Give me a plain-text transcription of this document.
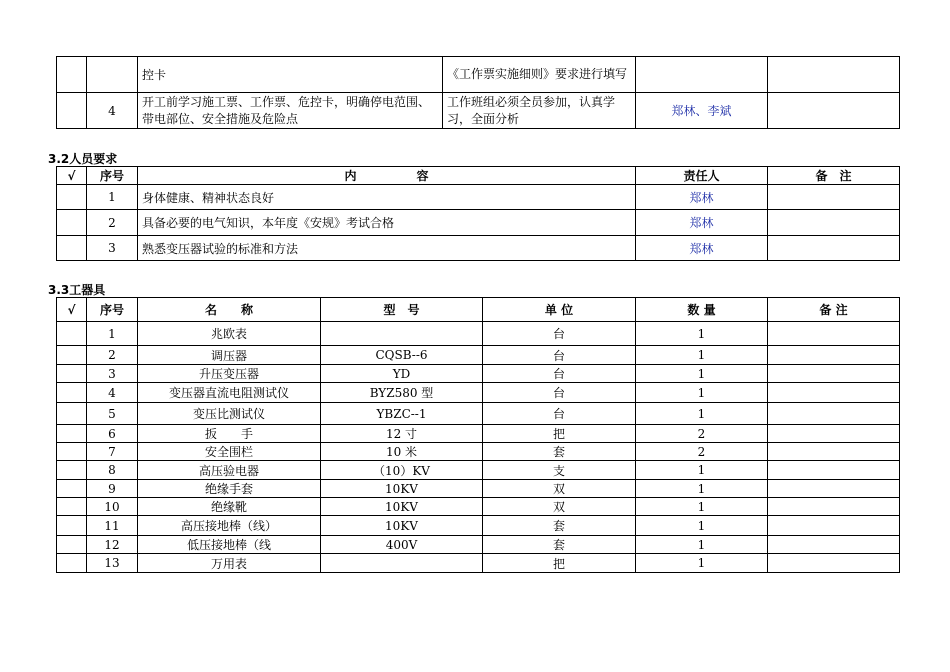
		控卡	《工作票实施细则》要求进行填写		
	4	开工前学习施工票、工作票、危控卡，明确停电范围、带电部位、安全措施及危险点	工作班组必须全员参加，认真学习，全面分析	郑林、李斌	
3.2人员要求
√	序号	内　　　　　容	责任人	备　注
	1	身体健康、精神状态良好	郑林	
	2	具备必要的电气知识，本年度《安规》考试合格	郑林	
	3	熟悉变压器试验的标准和方法	郑林	
3.3工器具
√	序号	名　　称	型　号	单 位	数 量	备 注
	1	兆欧表		台	1	
	2	调压器	CQSB--6	台	1	
	3	升压变压器	YD	台	1	
	4	变压器直流电阻测试仪	BYZ580 型	台	1	
	5	变压比测试仪	YBZC--1	台	1	
	6	扳　　手	12 寸	把	2	
	7	安全围栏	10 米	套	2	
	8	高压验电器	（10）KV	支	1	
	9	绝缘手套	10KV	双	1	
	10	绝缘靴	10KV	双	1	
	11	高压接地棒（线）	10KV	套	1	
	12	低压接地棒（线	400V	套	1	
	13	万用表		把	1	
